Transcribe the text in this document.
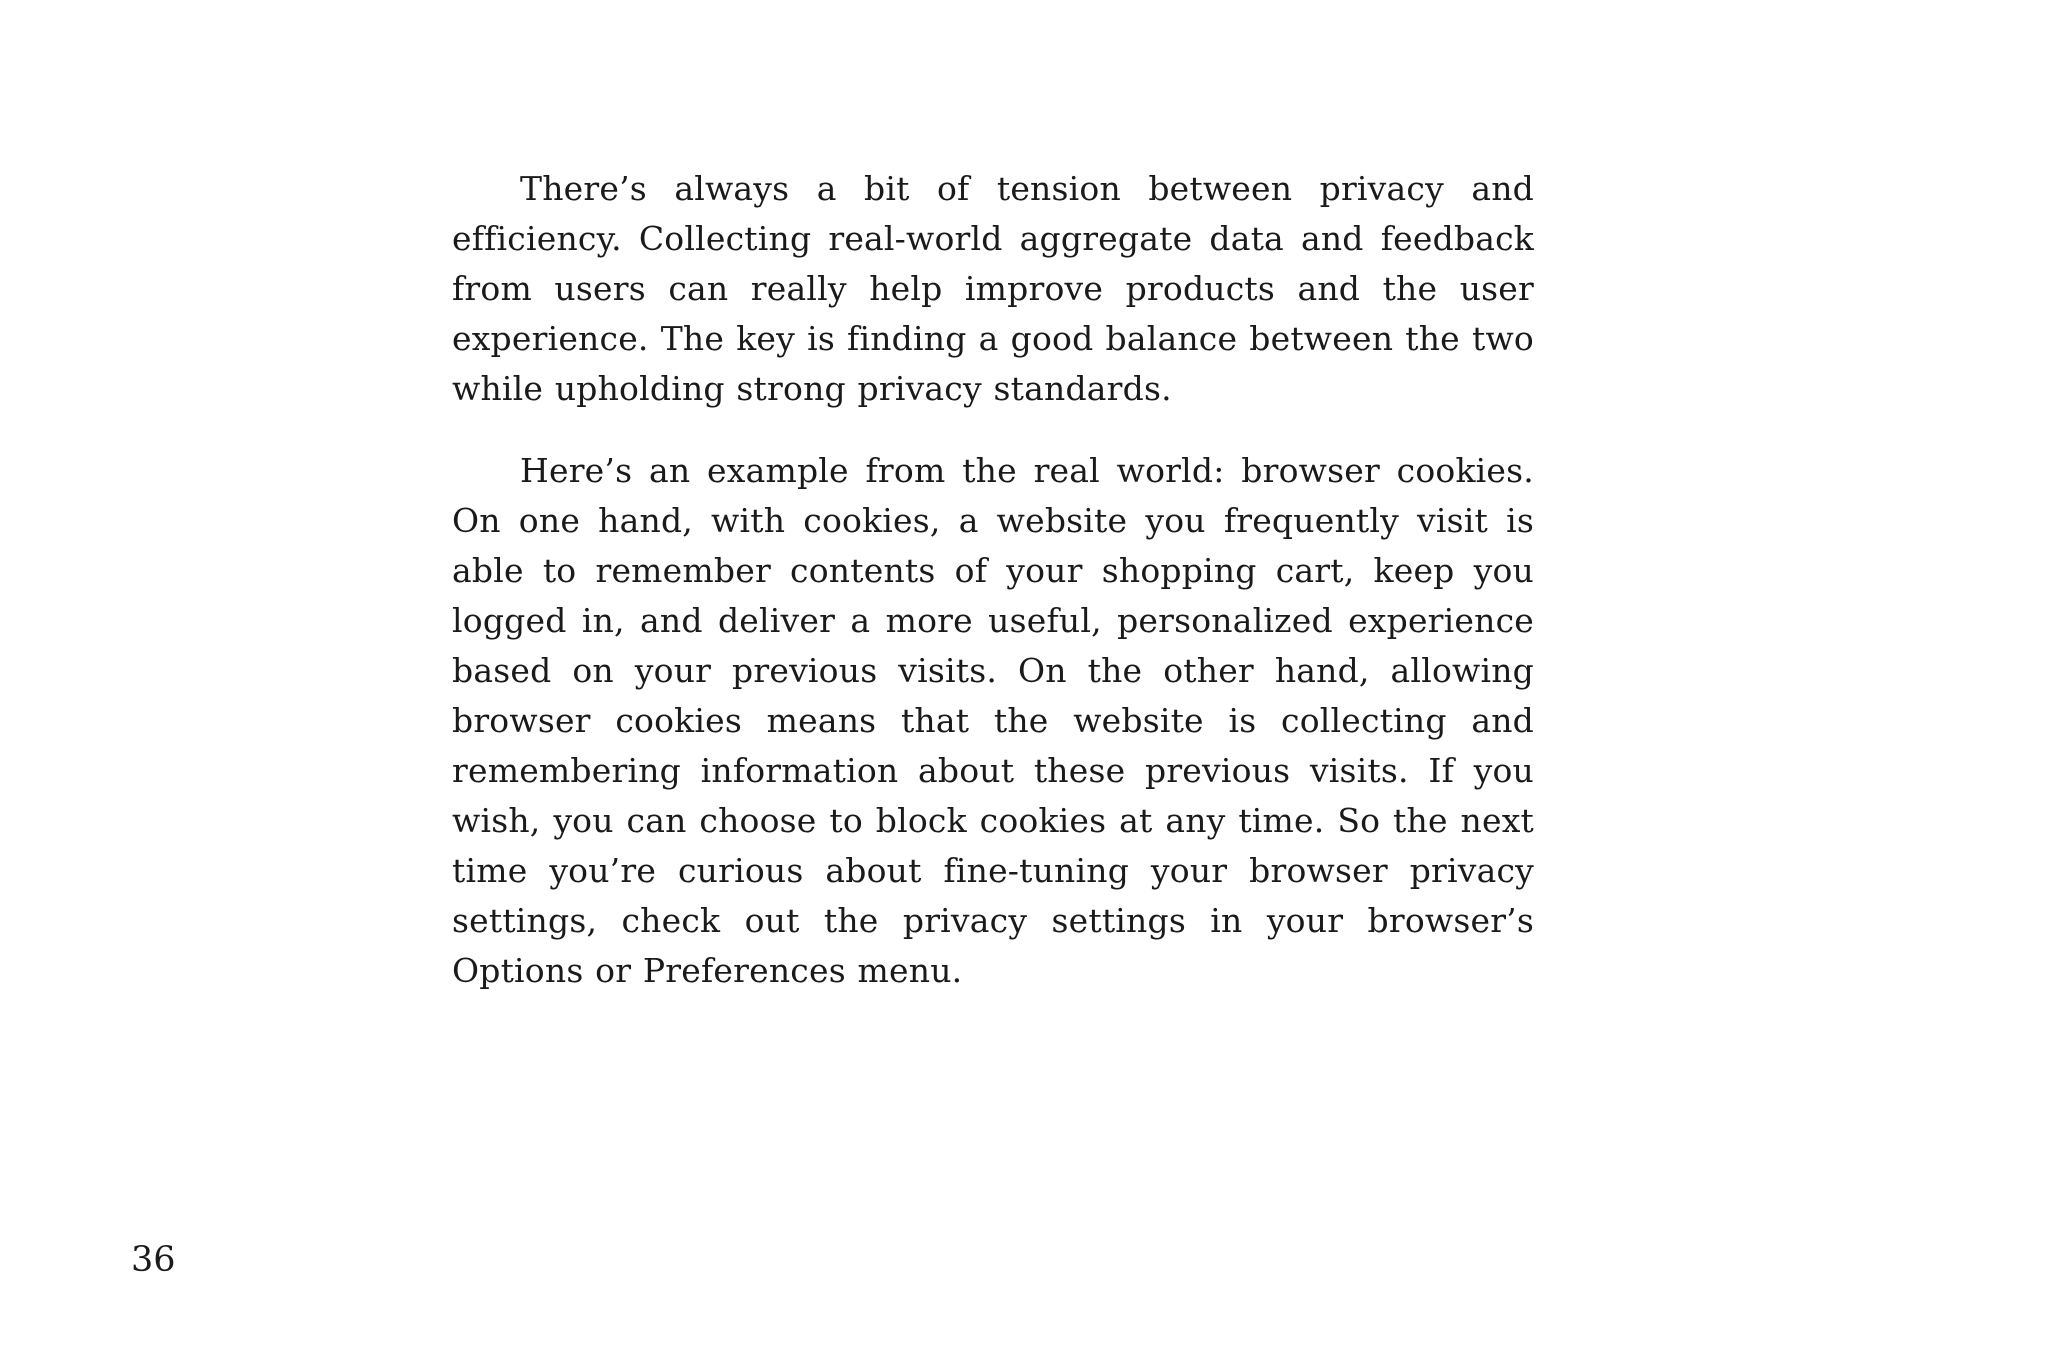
There’s always a bit of tension between privacy and efficiency. Collecting real-world aggregate data and feedback from users can really help improve products and the user experience. The key is finding a good balance between the two while upholding strong privacy standards.

Here’s an example from the real world: browser cookies. On one hand, with cookies, a website you frequently visit is able to remember contents of your shopping cart, keep you logged in, and deliver a more useful, personalized experience based on your previous visits. On the other hand, allowing browser cookies means that the website is collecting and remembering information about these previous visits. If you wish, you can choose to block cookies at any time. So the next time you’re curious about fine-tuning your browser privacy settings, check out the privacy settings in your browser’s Options or Preferences menu.

36
